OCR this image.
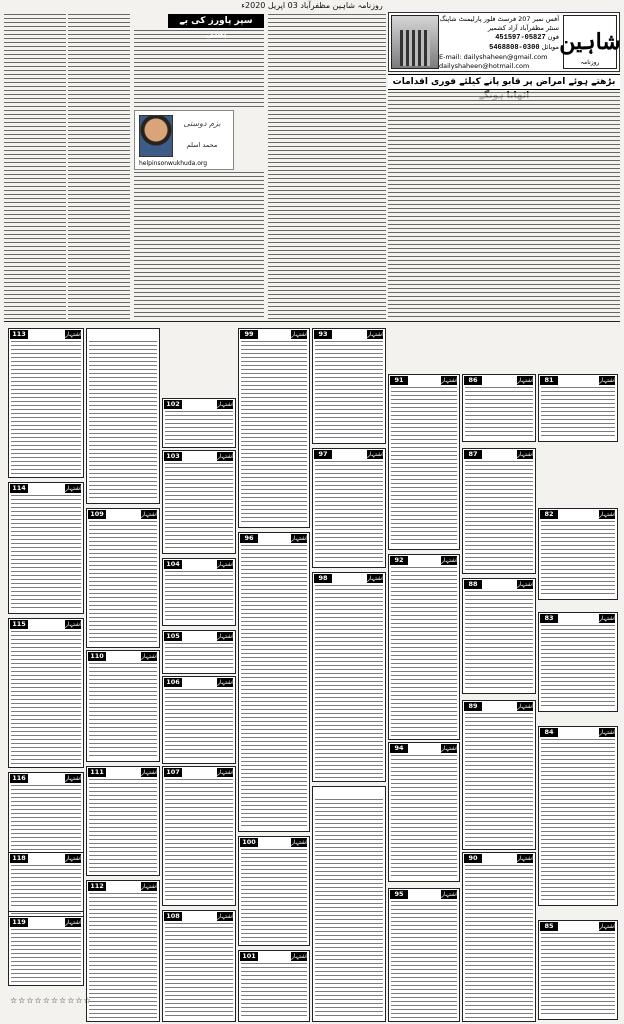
روزنامہ شاہین مظفرآباد 03 اپریل 2020ء
شاہین
روزنامہ
آفس نمبر 207 فرسٹ فلور پارلیمنٹ شاپنگ سنٹر مظفرآباد آزاد کشمیر
فون 05827-451597
موبائل 0300-5468808
E-mail: dailyshaheen@gmail.com
dailyshaheen@hotmail.com
بڑھتے ہوئے امراض پر قابو پانے کیلئے فوری اقدامات
سپر پاورز کی بے بسی
بزم دوستی
محمد اسلم
helpinsonwukhuda.org
81	اشتہار
82	اشتہار
83	اشتہار
84	اشتہار
85	اشتہار
86	اشتہار
87	اشتہار
88	اشتہار
89	اشتہار
90	اشتہار
91	اشتہار
92	اشتہار
94	اشتہار
95	اشتہار
93	اشتہار
97	اشتہار
98	اشتہار
96	اشتہار
99	اشتہار
100	اشتہار
101	اشتہار
102	اشتہار
103	اشتہار
104	اشتہار
105	اشتہار
106	اشتہار
107	اشتہار
108	اشتہار
109	اشتہار
110	اشتہار
111	اشتہار
112	اشتہار
113	اشتہار
114	اشتہار
115	اشتہار
116	اشتہار
118	اشتہار
119	اشتہار
☆☆☆☆☆☆☆☆☆☆
